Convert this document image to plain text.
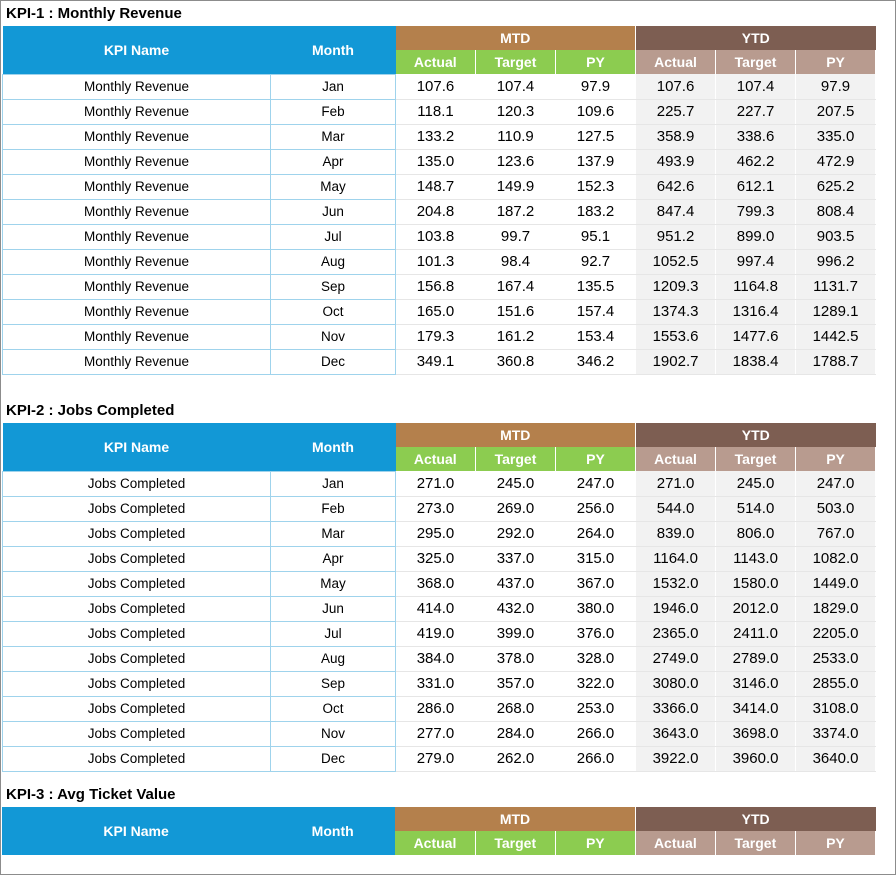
KPI-1 : Monthly Revenue
KPI Name	Month	MTD			YTD		
		Actual	Target	PY	Actual	Target	PY
Monthly Revenue	Jan	107.6	107.4	97.9	107.6	107.4	97.9
Monthly Revenue	Feb	118.1	120.3	109.6	225.7	227.7	207.5
Monthly Revenue	Mar	133.2	110.9	127.5	358.9	338.6	335.0
Monthly Revenue	Apr	135.0	123.6	137.9	493.9	462.2	472.9
Monthly Revenue	May	148.7	149.9	152.3	642.6	612.1	625.2
Monthly Revenue	Jun	204.8	187.2	183.2	847.4	799.3	808.4
Monthly Revenue	Jul	103.8	99.7	95.1	951.2	899.0	903.5
Monthly Revenue	Aug	101.3	98.4	92.7	1052.5	997.4	996.2
Monthly Revenue	Sep	156.8	167.4	135.5	1209.3	1164.8	1131.7
Monthly Revenue	Oct	165.0	151.6	157.4	1374.3	1316.4	1289.1
Monthly Revenue	Nov	179.3	161.2	153.4	1553.6	1477.6	1442.5
Monthly Revenue	Dec	349.1	360.8	346.2	1902.7	1838.4	1788.7
KPI-2 : Jobs Completed
KPI Name	Month	MTD			YTD		
		Actual	Target	PY	Actual	Target	PY
Jobs Completed	Jan	271.0	245.0	247.0	271.0	245.0	247.0
Jobs Completed	Feb	273.0	269.0	256.0	544.0	514.0	503.0
Jobs Completed	Mar	295.0	292.0	264.0	839.0	806.0	767.0
Jobs Completed	Apr	325.0	337.0	315.0	1164.0	1143.0	1082.0
Jobs Completed	May	368.0	437.0	367.0	1532.0	1580.0	1449.0
Jobs Completed	Jun	414.0	432.0	380.0	1946.0	2012.0	1829.0
Jobs Completed	Jul	419.0	399.0	376.0	2365.0	2411.0	2205.0
Jobs Completed	Aug	384.0	378.0	328.0	2749.0	2789.0	2533.0
Jobs Completed	Sep	331.0	357.0	322.0	3080.0	3146.0	2855.0
Jobs Completed	Oct	286.0	268.0	253.0	3366.0	3414.0	3108.0
Jobs Completed	Nov	277.0	284.0	266.0	3643.0	3698.0	3374.0
Jobs Completed	Dec	279.0	262.0	266.0	3922.0	3960.0	3640.0
KPI-3 : Avg Ticket Value
KPI Name	Month	MTD			YTD		
		Actual	Target	PY	Actual	Target	PY
